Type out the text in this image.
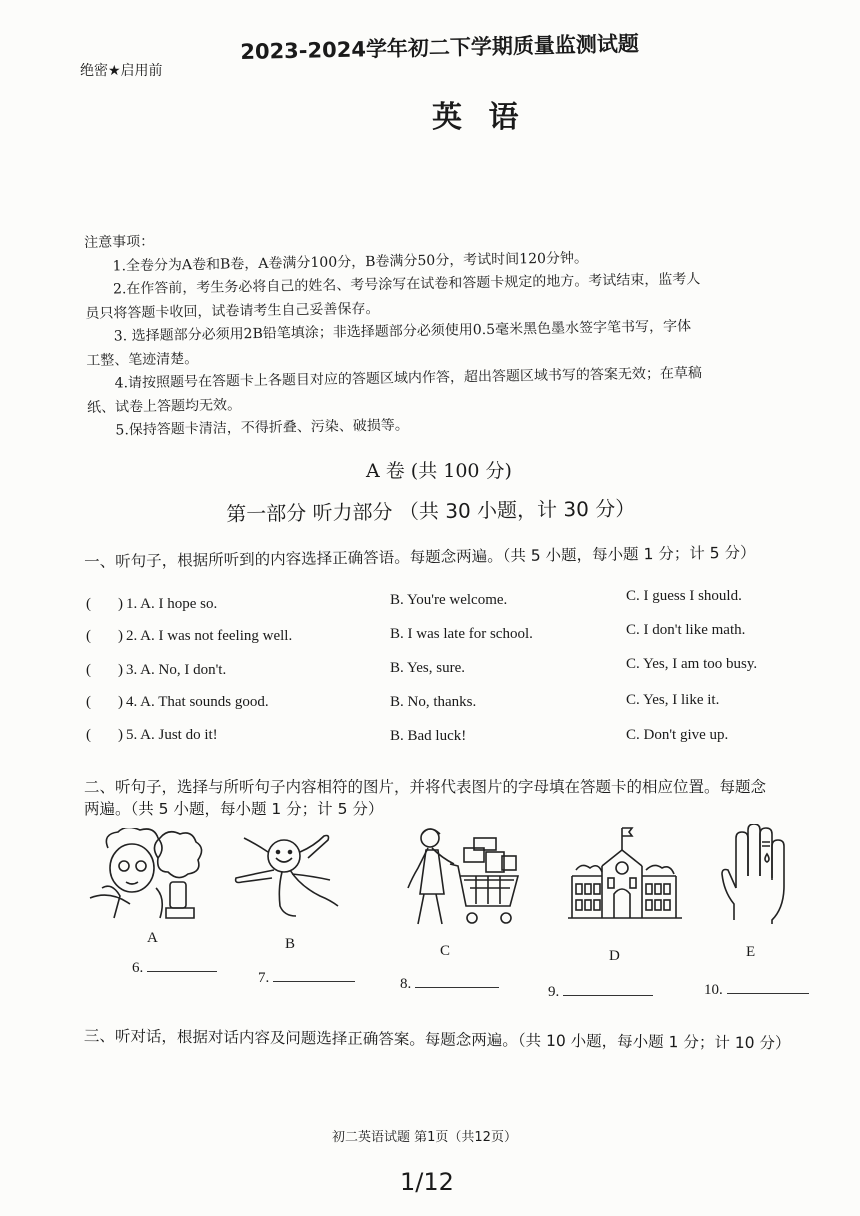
绝密★启用前
2023-2024学年初二下学期质量监测试题
英 语
注意事项：
1.全卷分为A卷和B卷，A卷满分100分，B卷满分50分，考试时间120分钟。
2.在作答前，考生务必将自己的姓名、考号涂写在试卷和答题卡规定的地方。考试结束，监考人
员只将答题卡收回，试卷请考生自己妥善保存。
3. 选择题部分必须用2B铅笔填涂；非选择题部分必须使用0.5毫米黑色墨水签字笔书写，字体
工整、笔迹清楚。
4.请按照题号在答题卡上各题目对应的答题区域内作答，超出答题区域书写的答案无效；在草稿
纸、试卷上答题均无效。
5.保持答题卡清洁，不得折叠、污染、破损等。
A 卷 (共 100 分)
第一部分 听力部分 （共 30 小题，计 30 分）
一、听句子，根据所听到的内容选择正确答语。每题念两遍。（共 5 小题，每小题 1 分；计 5 分）
( ) 1. A. I hope so.	B. You're welcome.	C. I guess I should.
( ) 2. A. I was not feeling well.	B. I was late for school.	C. I don't like math.
( ) 3. A. No, I don't.	B. Yes, sure.	C. Yes, I am too busy.
( ) 4. A. That sounds good.	B. No, thanks.	C. Yes, I like it.
( ) 5. A. Just do it!	B. Bad luck!	C. Don't give up.
二、听句子，选择与所听句子内容相符的图片，并将代表图片的字母填在答题卡的相应位置。每题念
两遍。（共 5 小题，每小题 1 分；计 5 分）
A	B	C	D	E
6.
7.	8.	9.	10.
三、听对话，根据对话内容及问题选择正确答案。每题念两遍。（共 10 小题，每小题 1 分；计 10 分）
初二英语试题 第1页（共12页）
1/12
